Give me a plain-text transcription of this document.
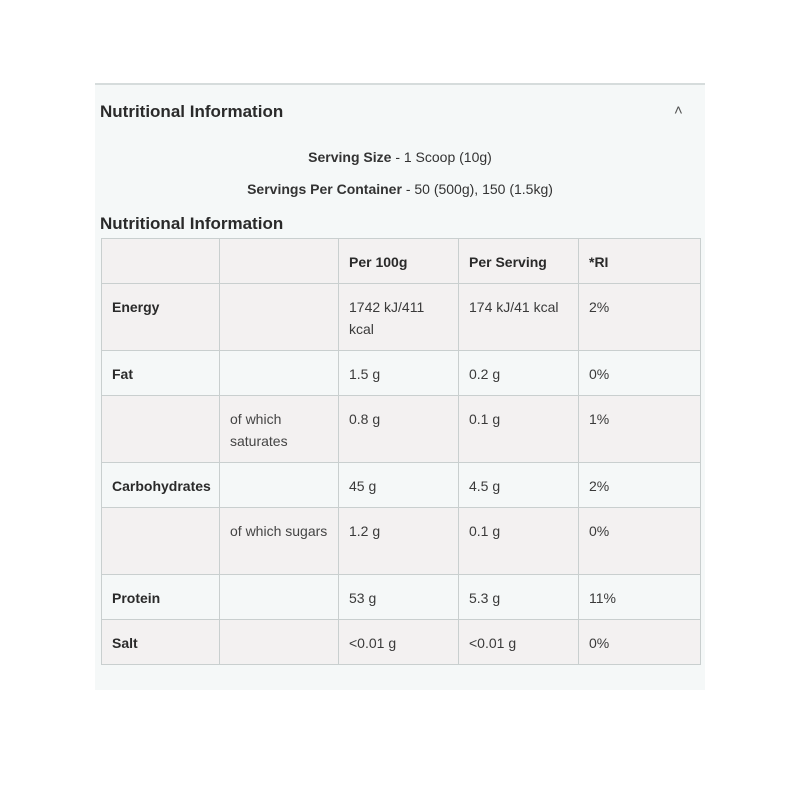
Nutritional Information	˄
Serving Size - 1 Scoop (10g)
Servings Per Container - 50 (500g), 150 (1.5kg)
Nutritional Information

		Per 100g	Per Serving	*RI

Energy		1742 kJ/411 kcal	174 kJ/41 kcal	2%

Fat		1.5 g	0.2 g	0%

	of which saturates	0.8 g	0.1 g	1%

Carbohydrates		45 g	4.5 g	2%

	of which sugars	1.2 g	0.1 g	0%

Protein		53 g	5.3 g	11%

Salt		<0.01 g	<0.01 g	0%
